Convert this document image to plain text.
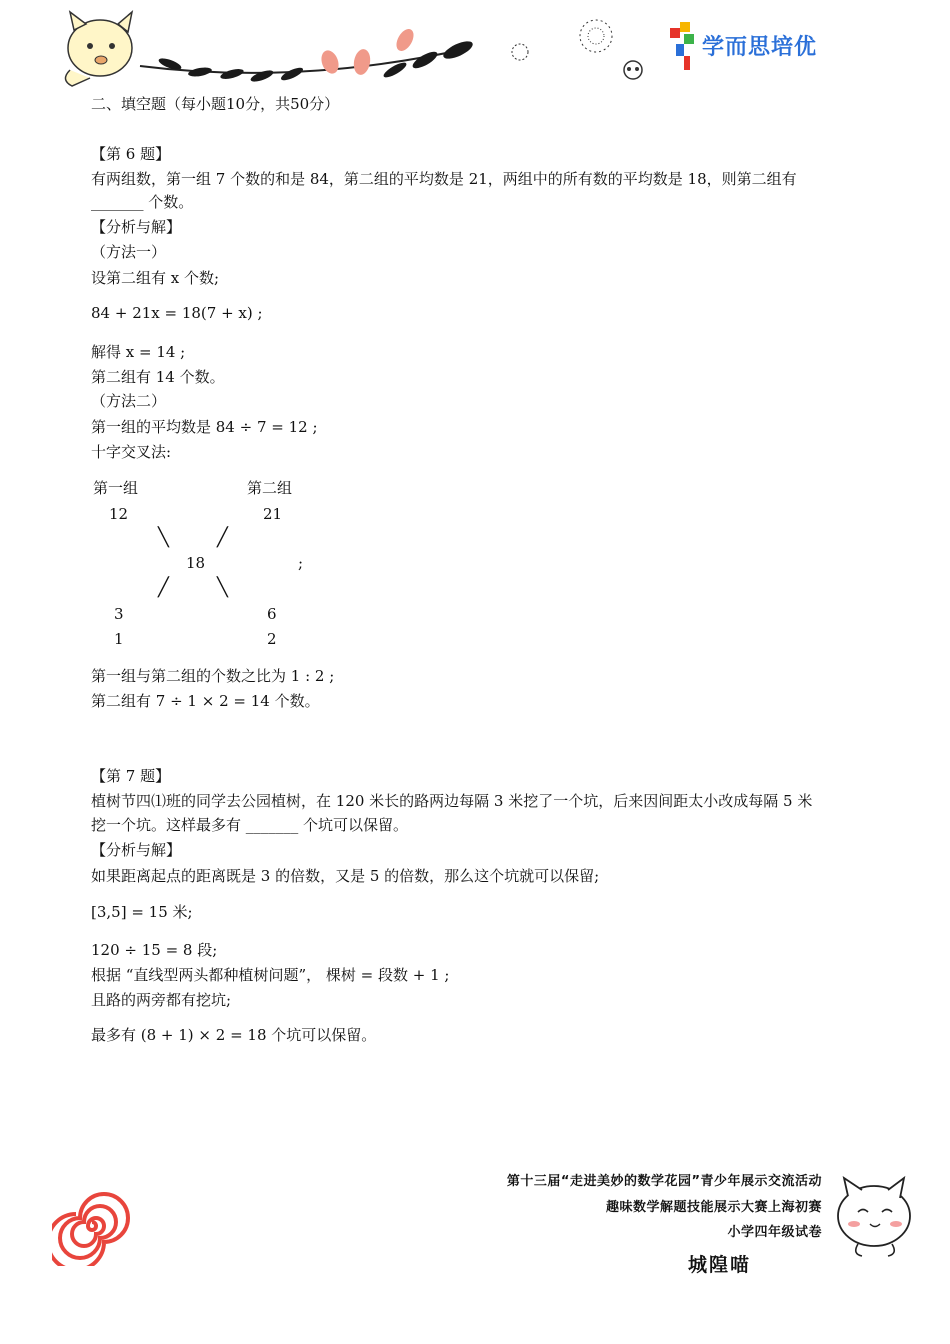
学而思培优
二、填空题（每小题10分，共50分）
【第 6 题】
有两组数，第一组 7 个数的和是 84，第二组的平均数是 21，两组中的所有数的平均数是 18，则第二组有
_______ 个数。
【分析与解】
（方法一）
设第二组有 x 个数;
84 + 21x = 18(7 + x) ;
解得 x = 14 ;
第二组有 14 个数。
（方法二）
第一组的平均数是 84 ÷ 7 = 12 ;
十字交叉法:
第一组	第二组
12	21
╲	╱
18	;
╱	╲
3	6
1	2
第一组与第二组的个数之比为 1 : 2 ;
第二组有 7 ÷ 1 × 2 = 14 个数。
【第 7 题】
植树节四⑴班的同学去公园植树，在 120 米长的路两边每隔 3 米挖了一个坑，后来因间距太小改成每隔 5 米
挖一个坑。这样最多有 _______ 个坑可以保留。
【分析与解】
如果距离起点的距离既是 3 的倍数，又是 5 的倍数，那么这个坑就可以保留;
[3,5] = 15 米;
120 ÷ 15 = 8 段;
根据 “直线型两头都种植树问题”， 棵树 = 段数 + 1 ;
且路的两旁都有挖坑;
最多有 (8 + 1) × 2 = 18 个坑可以保留。
第十三届“走进美妙的数学花园”青少年展示交流活动
趣味数学解题技能展示大赛上海初赛
小学四年级试卷
城隍喵
